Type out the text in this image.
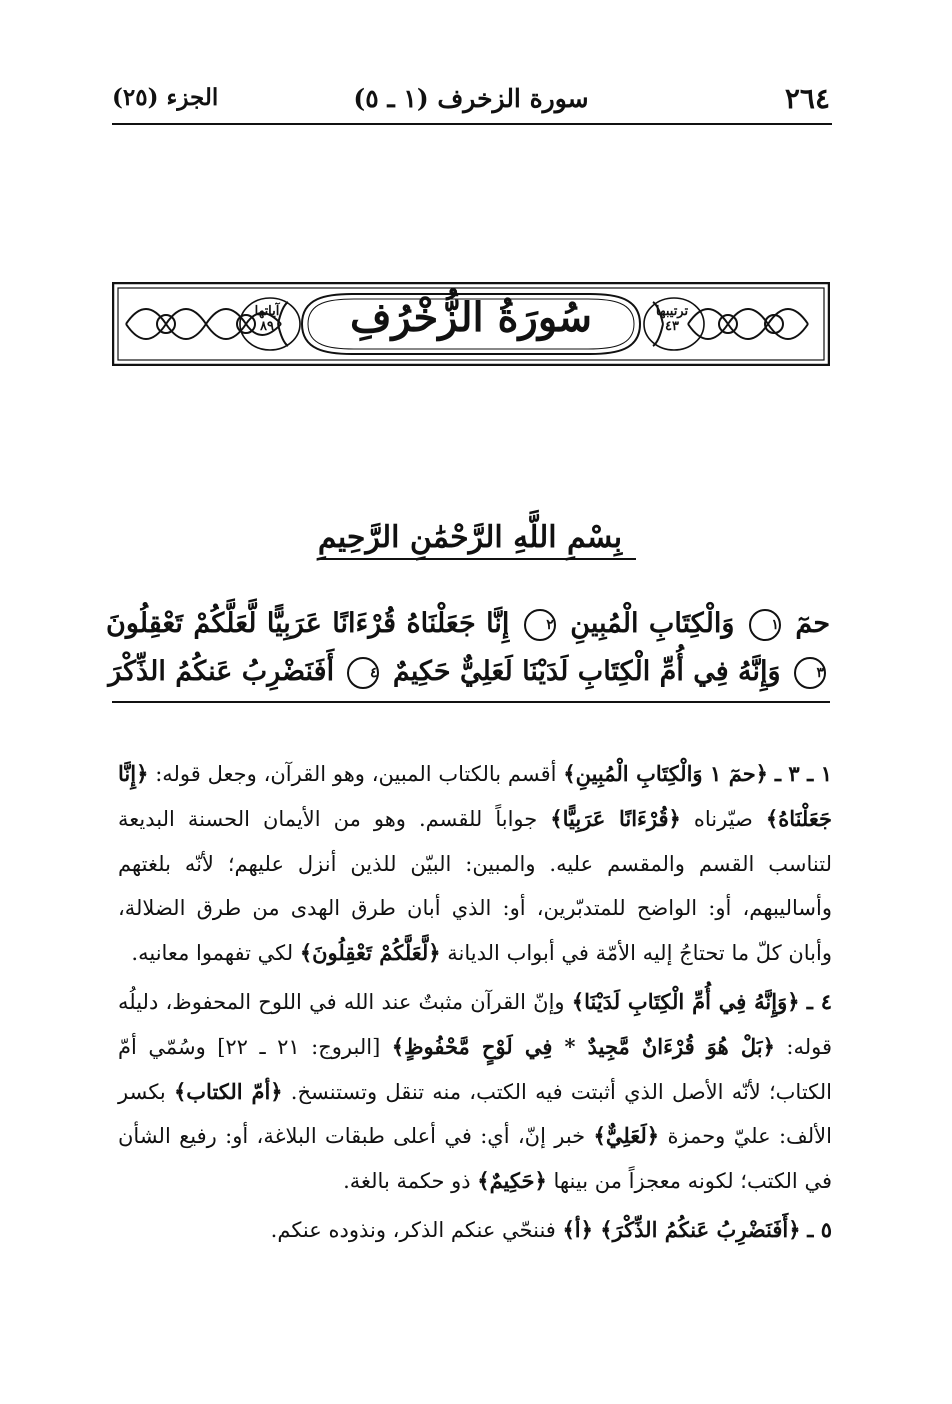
٢٦٤
سورة الزخرف (١ ـ ٥)
الجزء (٢٥)
سُورَةُ الزُّخْرُفِ	ترتيبها
٤٣
آياتها
٨٩
بِسْمِ اللَّهِ الرَّحْمَٰنِ الرَّحِيمِ
حمٓ ١ وَالْكِتَابِ الْمُبِينِ ٢ إِنَّا جَعَلْنَاهُ قُرْءَانًا عَرَبِيًّا لَّعَلَّكُمْ تَعْقِلُونَ ٣ وَإِنَّهُ فِي أُمِّ الْكِتَابِ لَدَيْنَا لَعَلِيٌّ حَكِيمٌ ٤ أَفَنَضْرِبُ عَنكُمُ الذِّكْرَ

١ ـ ٣ ـ ﴿حمٓ ١ وَالْكِتَابِ الْمُبِينِ﴾ أقسم بالكتاب المبين، وهو القرآن، وجعل قوله: ﴿إِنَّا جَعَلْنَاهُ﴾ صيّرناه ﴿قُرْءَانًا عَرَبِيًّا﴾ جواباً للقسم. وهو من الأيمان الحسنة البديعة لتناسب القسم والمقسم عليه. والمبين: البيّن للذين أنزل عليهم؛ لأنّه بلغتهم وأساليبهم، أو: الواضح للمتدبّرين، أو: الذي أبان طرق الهدى من طرق الضلالة، وأبان كلّ ما تحتاجُ إليه الأمّة في أبواب الديانة ﴿لَّعَلَّكُمْ تَعْقِلُونَ﴾ لكي تفهموا معانيه.

٤ ـ ﴿وَإِنَّهُ فِي أُمِّ الْكِتَابِ لَدَيْنَا﴾ وإنّ القرآن مثبتٌ عند الله في اللوح المحفوظ، دليلُه قوله: ﴿بَلْ هُوَ قُرْءَانٌ مَّجِيدٌ * فِي لَوْحٍ مَّحْفُوظٍ﴾ [البروج: ٢١ ـ ٢٢] وسُمّي أمّ الكتاب؛ لأنّه الأصل الذي أثبتت فيه الكتب، منه تنقل وتستنسخ. ﴿أمّ الكتاب﴾ بكسر الألف: عليّ وحمزة ﴿لَعَلِيٌّ﴾ خبر إنّ، أي: في أعلى طبقات البلاغة، أو: رفيع الشأن في الكتب؛ لكونه معجزاً من بينها ﴿حَكِيمٌ﴾ ذو حكمة بالغة.

٥ ـ ﴿أَفَنَضْرِبُ عَنكُمُ الذِّكْرَ﴾ ﴿أ﴾ فننحّي عنكم الذكر، ونذوده عنكم.
